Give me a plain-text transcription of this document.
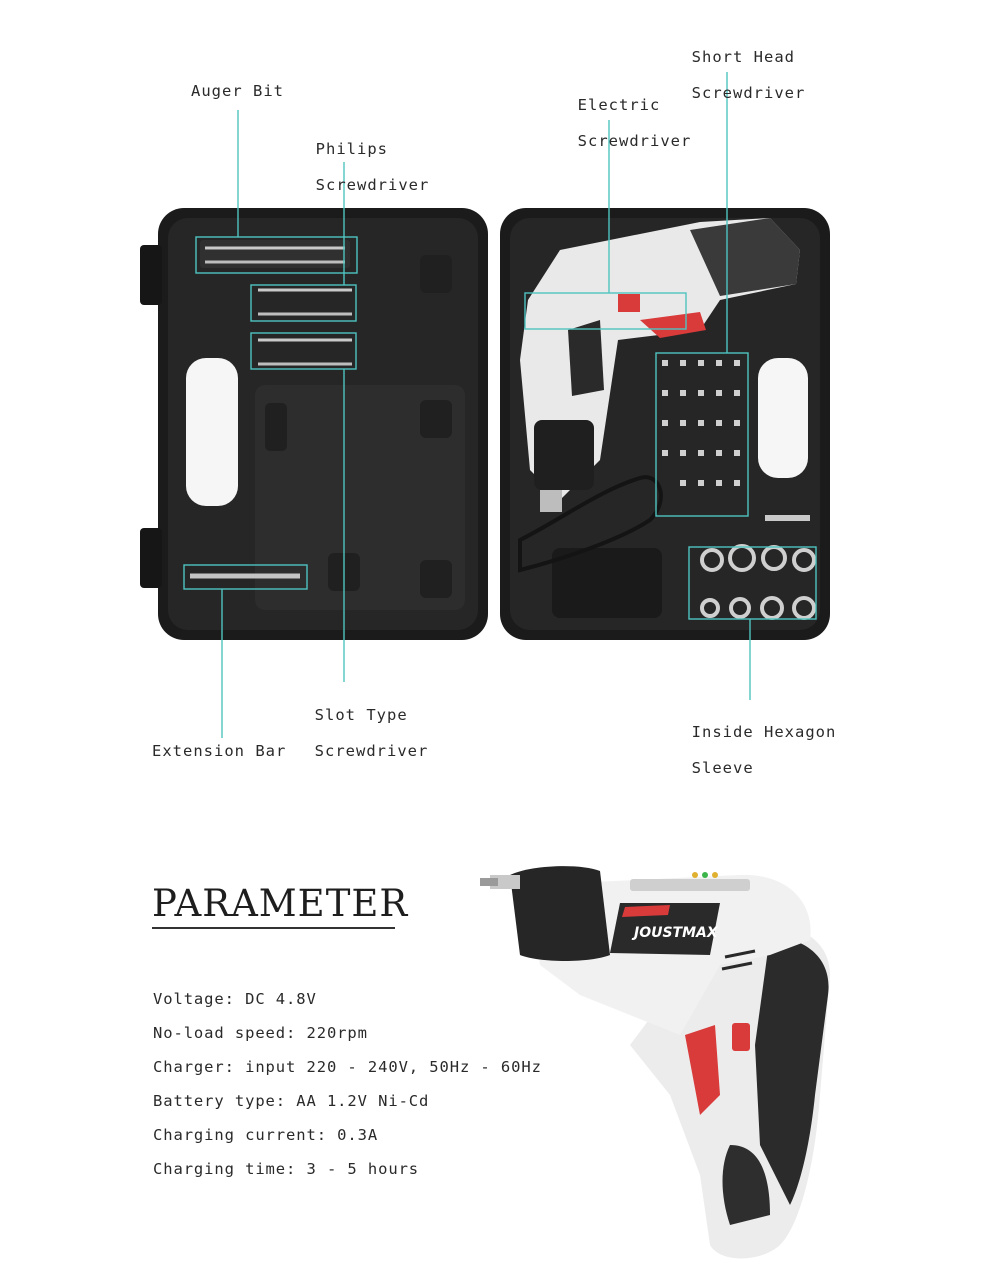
Auger Bit

Philips

Screwdriver

Electric

Screwdriver

Short Head

Screwdriver

Slot Type

Screwdriver

Extension Bar

Inside Hexagon

Sleeve

PARAMETER
Voltage: DC 4.8V
No-load speed: 220rpm
Charger: input 220 - 240V, 50Hz - 60Hz
Battery type: AA 1.2V Ni-Cd
Charging current: 0.3A
Charging time: 3 - 5 hours
JOUSTMAX
